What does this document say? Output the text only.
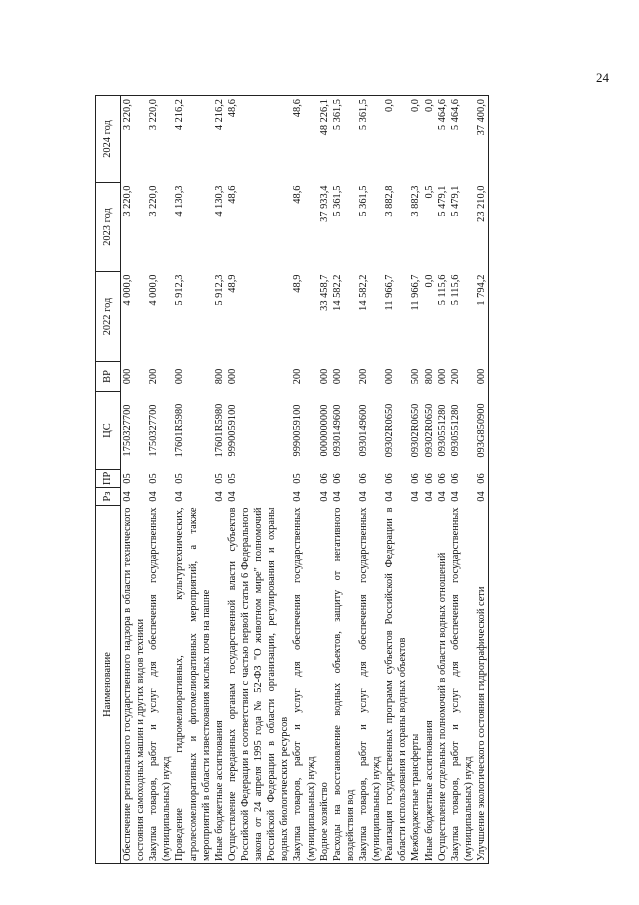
24
Наименование	Рз	ПР	ЦС	ВР	2022 год	2023 год	2024 год
Обеспечение регионального государственного надзора в области технического состояния самоходных машин и других видов техники	04	05	1750327700	000	4 000,0	3 220,0	3 220,0
Закупка товаров, работ и услуг для обеспечения государственных (муниципальных) нужд	04	05	1750327700	200	4 000,0	3 220,0	3 220,0
Проведение гидромелиоративных, культуртехнических, агролесомелиоративных и фитомелиоративных мероприятий, а также мероприятий в области известкования кислых почв на пашне	04	05	17601R5980	000	5 912,3	4 130,3	4 216,2
Иные бюджетные ассигнования	04	05	17601R5980	800	5 912,3	4 130,3	4 216,2
Осуществление переданных органам государственной власти субъектов Российской Федерации в соответствии с частью первой статьи 6 Федерального закона от 24 апреля 1995 года № 52-ФЗ "О животном мире" полномочий Российской Федерации в области организации, регулирования и охраны водных биологических ресурсов	04	05	9990059100	000	48,9	48,6	48,6
Закупка товаров, работ и услуг для обеспечения государственных (муниципальных) нужд	04	05	9990059100	200	48,9	48,6	48,6
Водное хозяйство	04	06	0000000000	000	33 458,7	37 933,4	48 226,1
Расходы на восстановление водных объектов, защиту от негативного воздействия вод	04	06	0930149600	000	14 582,2	5 361,5	5 361,5
Закупка товаров, работ и услуг для обеспечения государственных (муниципальных) нужд	04	06	0930149600	200	14 582,2	5 361,5	5 361,5
Реализация государственных программ субъектов Российской Федерации в области использования и охраны водных объектов	04	06	09302R0650	000	11 966,7	3 882,8	0,0
Межбюджетные трансферты	04	06	09302R0650	500	11 966,7	3 882,3	0,0
Иные бюджетные ассигнования	04	06	09302R0650	800	0,0	0,5	0,0
Осуществление отдельных полномочий в области водных отношений	04	06	0930551280	000	5 115,6	5 479,1	5 464,6
Закупка товаров, работ и услуг для обеспечения государственных (муниципальных) нужд	04	06	0930551280	200	5 115,6	5 479,1	5 464,6
Улучшение экологического состояния гидрографической сети	04	06	093G850900	000	1 794,2	23 210,0	37 400,0
